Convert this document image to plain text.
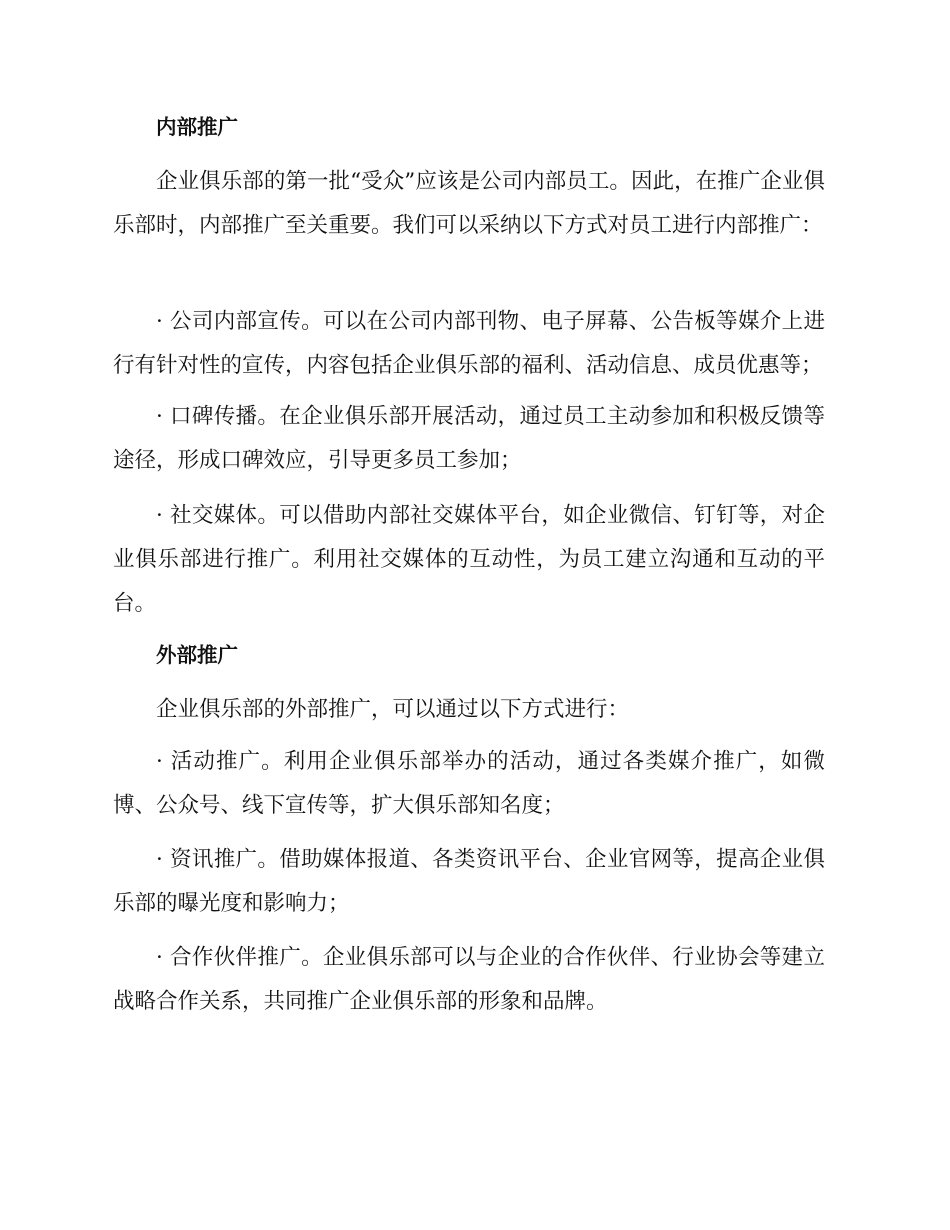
内部推广

企业俱乐部的第一批“受众”应该是公司内部员工。因此，在推广企业俱乐部时，内部推广至关重要。我们可以采纳以下方式对员工进行内部推广：

· 公司内部宣传。可以在公司内部刊物、电子屏幕、公告板等媒介上进行有针对性的宣传，内容包括企业俱乐部的福利、活动信息、成员优惠等；

· 口碑传播。在企业俱乐部开展活动，通过员工主动参加和积极反馈等途径，形成口碑效应，引导更多员工参加；

· 社交媒体。可以借助内部社交媒体平台，如企业微信、钉钉等，对企业俱乐部进行推广。利用社交媒体的互动性，为员工建立沟通和互动的平台。

外部推广

企业俱乐部的外部推广，可以通过以下方式进行：

· 活动推广。利用企业俱乐部举办的活动，通过各类媒介推广，如微博、公众号、线下宣传等，扩大俱乐部知名度；

· 资讯推广。借助媒体报道、各类资讯平台、企业官网等，提高企业俱乐部的曝光度和影响力；

· 合作伙伴推广。企业俱乐部可以与企业的合作伙伴、行业协会等建立战略合作关系，共同推广企业俱乐部的形象和品牌。
